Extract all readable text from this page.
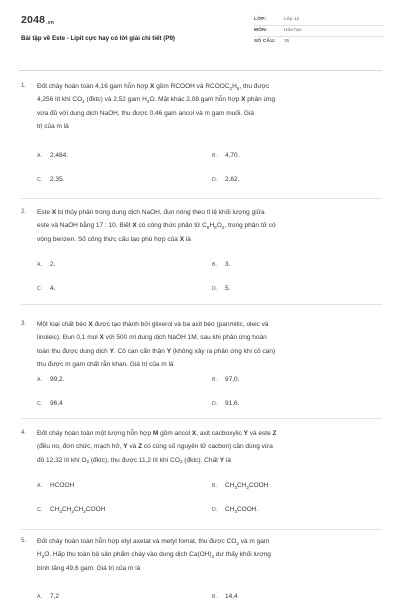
$2048_{.vn}$
Bài tập về Este - Lipit cực hay có lời giải chi tiết (P9)
LỚP:	Lớp 12
MÔN:	Hóa học
SỐ CÂU: 35
1. Đốt cháy hoàn toàn 4,16 gam hỗn hợp X gồm RCOOH và $RCOOC_2H_5$, thu được
4,256 lít khí $CO_2$ (đktc) và 2,52 gam $H_2O$. Mặt khác 2,08 gam hỗn hợp X phản ứng
vừa đủ với dung dịch NaOH, thu được 0,46 gam ancol và m gam muối. Giá
trị của m là
A. 2,484.	B. 4,70.
C. 2,35.	D. 2,62.
2. Este X bị thủy phân trong dung dịch NaOH, đun nóng theo tỉ lệ khối lượng giữa
este và NaOH bằng 17 : 10. Biết X có công thức phân tử $C_8H_8O_2$, trong phân tử có
vòng benzen. Số công thức cấu tạo phù hợp của X là
A. 2.	B. 3.
C. 4.	D. 5.
3. Một loại chất béo X được tạo thành bởi glixerol và ba axit béo (panmitic, oleic và
linoleic). Đun 0,1 mol X với 500 ml dung dịch NaOH 1M, sau khi phản ứng hoàn
toàn thu được dung dịch Y. Cô cạn cẩn thận Y (không xảy ra phản ứng khi cô cạn)
thu được m gam chất rắn khan. Giá trị của m là
A. 99,2.	B. 97,0.
C. 96,4	D. 91,6.
4. Đốt cháy hoàn toàn một lượng hỗn hợp M gồm ancol X, axit cacboxylic Y và este Z
(đều no, đơn chức, mạch hở, Y và Z có cùng số nguyên tử cacbon) cần dùng vừa
đủ 12,32 lít khí $O_2$ (đktc), thu được 11,2 lít khí $CO_2$ (đktc). Chất Y là
A. HCOOH	B. $CH_3CH_2COOH$
C. $CH_3CH_2CH_2COOH$	D. $CH_3COOH$.
5. Đốt cháy hoàn toàn hỗn hợp etyl axetat và metyl fomat, thu được $CO_2$ và m gam
$H_2O$. Hấp thụ toàn bộ sản phẩm cháy vào dung dịch $Ca(OH)_2$ dư thấy khối lượng
bình tăng 49,6 gam. Giá trị của m là
A. 7,2	B. 14,4
